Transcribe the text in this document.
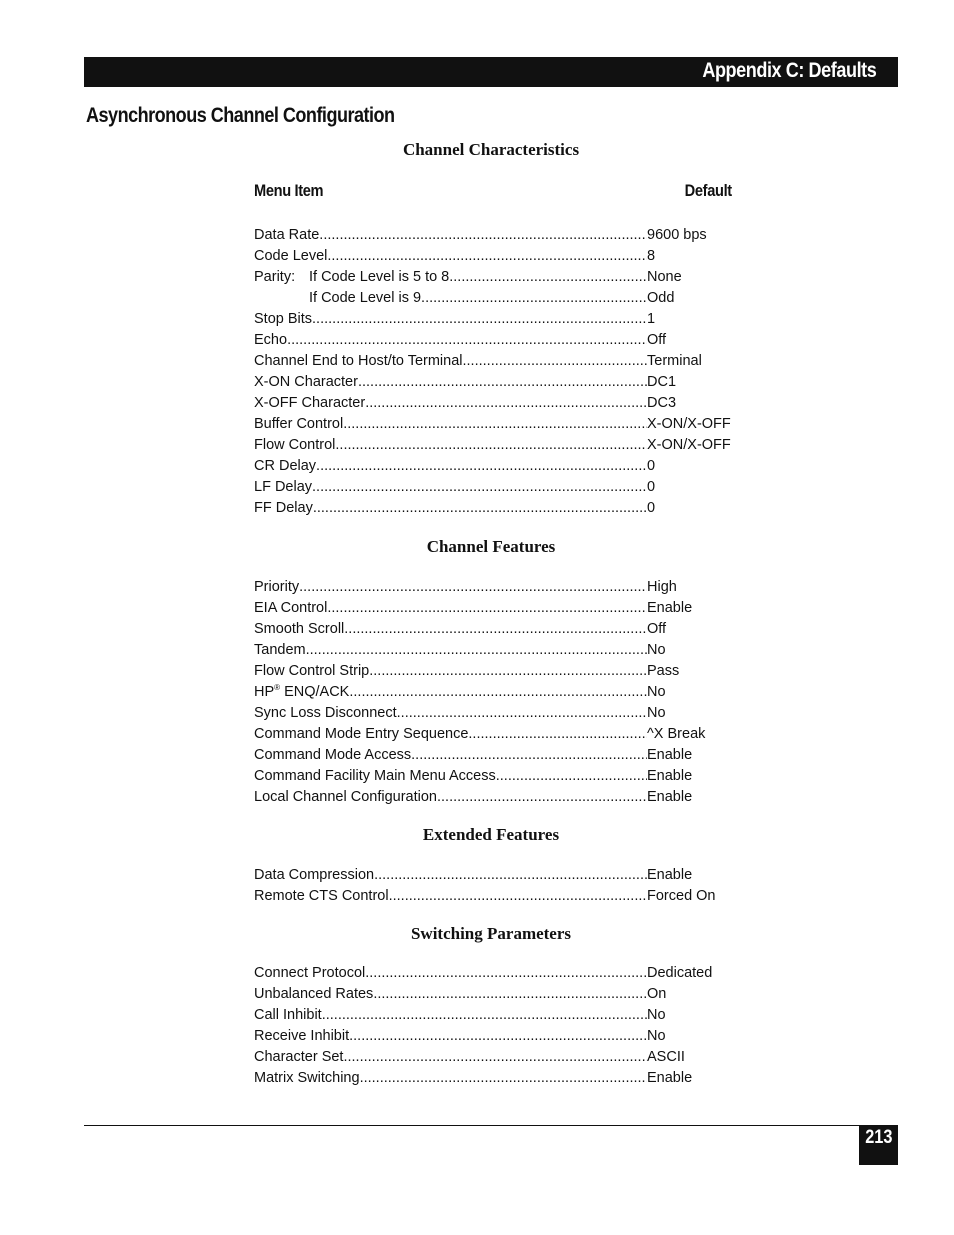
Appendix C: Defaults
Asynchronous Channel Configuration
Channel Characteristics
Menu Item	Default
Data Rate .....	9600 bps
Code Level .....	8
Parity: If Code Level is 5 to 8 .....	None
If Code Level is 9 .....	Odd
Stop Bits .....	1
Echo .....	Off
Channel End to Host/to Terminal .....	Terminal
X-ON Character .....	DC1
X-OFF Character .....	DC3
Buffer Control .....	X-ON/X-OFF
Flow Control .....	X-ON/X-OFF
CR Delay .....	0
LF Delay .....	0
FF Delay .....	0
Channel Features
Priority .....	High
EIA Control .....	Enable
Smooth Scroll .....	Off
Tandem .....	No
Flow Control Strip .....	Pass
HP® ENQ/ACK .....	No
Sync Loss Disconnect .....	No
Command Mode Entry Sequence .....	^X Break
Command Mode Access .....	Enable
Command Facility Main Menu Access .....	Enable
Local Channel Configuration .....	Enable
Extended Features
Data Compression .....	Enable
Remote CTS Control .....	Forced On
Switching Parameters
Connect Protocol .....	Dedicated
Unbalanced Rates .....	On
Call Inhibit .....	No
Receive Inhibit .....	No
Character Set .....	ASCII
Matrix Switching .....	Enable
213
